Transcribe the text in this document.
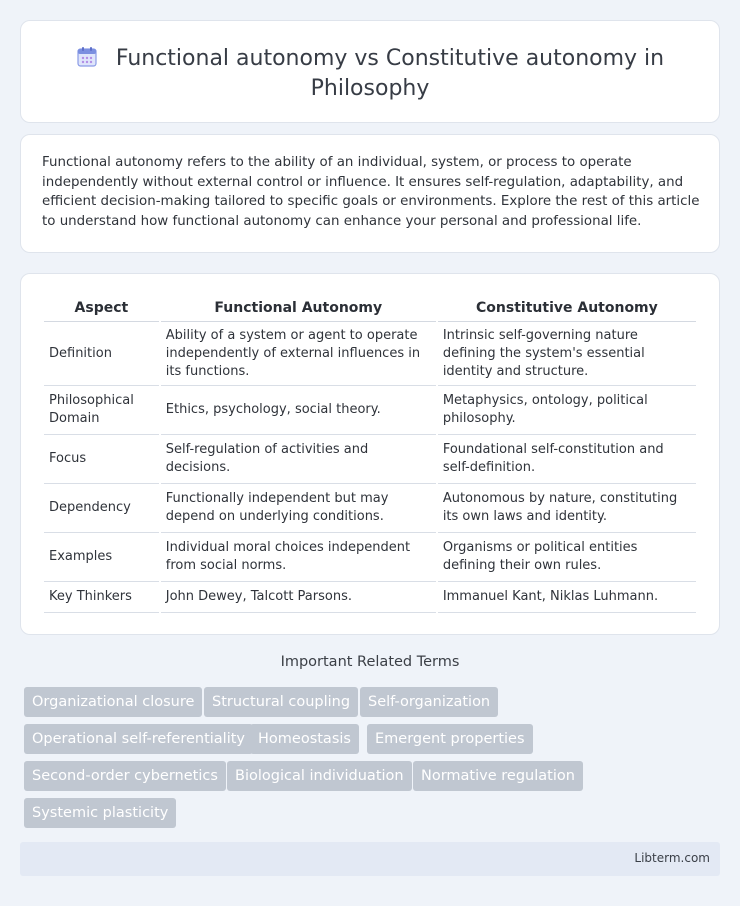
Functional autonomy vs Constitutive autonomy in Philosophy

Functional autonomy refers to the ability of an individual, system, or process to operate independently without external control or influence. It ensures self-regulation, adaptability, and efficient decision-making tailored to specific goals or environments. Explore the rest of this article to understand how functional autonomy can enhance your personal and professional life.

Aspect	Functional Autonomy	Constitutive Autonomy
Definition	Ability of a system or agent to operate independently of external influences in its functions.	Intrinsic self-governing nature defining the system's essential identity and structure.
Philosophical Domain	Ethics, psychology, social theory.	Metaphysics, ontology, political philosophy.
Focus	Self-regulation of activities and decisions.	Foundational self-constitution and self-definition.
Dependency	Functionally independent but may depend on underlying conditions.	Autonomous by nature, constituting its own laws and identity.
Examples	Individual moral choices independent from social norms.	Organisms or political entities defining their own rules.
Key Thinkers	John Dewey, Talcott Parsons.	Immanuel Kant, Niklas Luhmann.
Important Related Terms
Organizational closure	Structural coupling	Self-organization
Operational self-referentiality Homeostasis	Emergent properties
Second-order cybernetics	Biological individuation	Normative regulation
Systemic plasticity
Libterm.com
